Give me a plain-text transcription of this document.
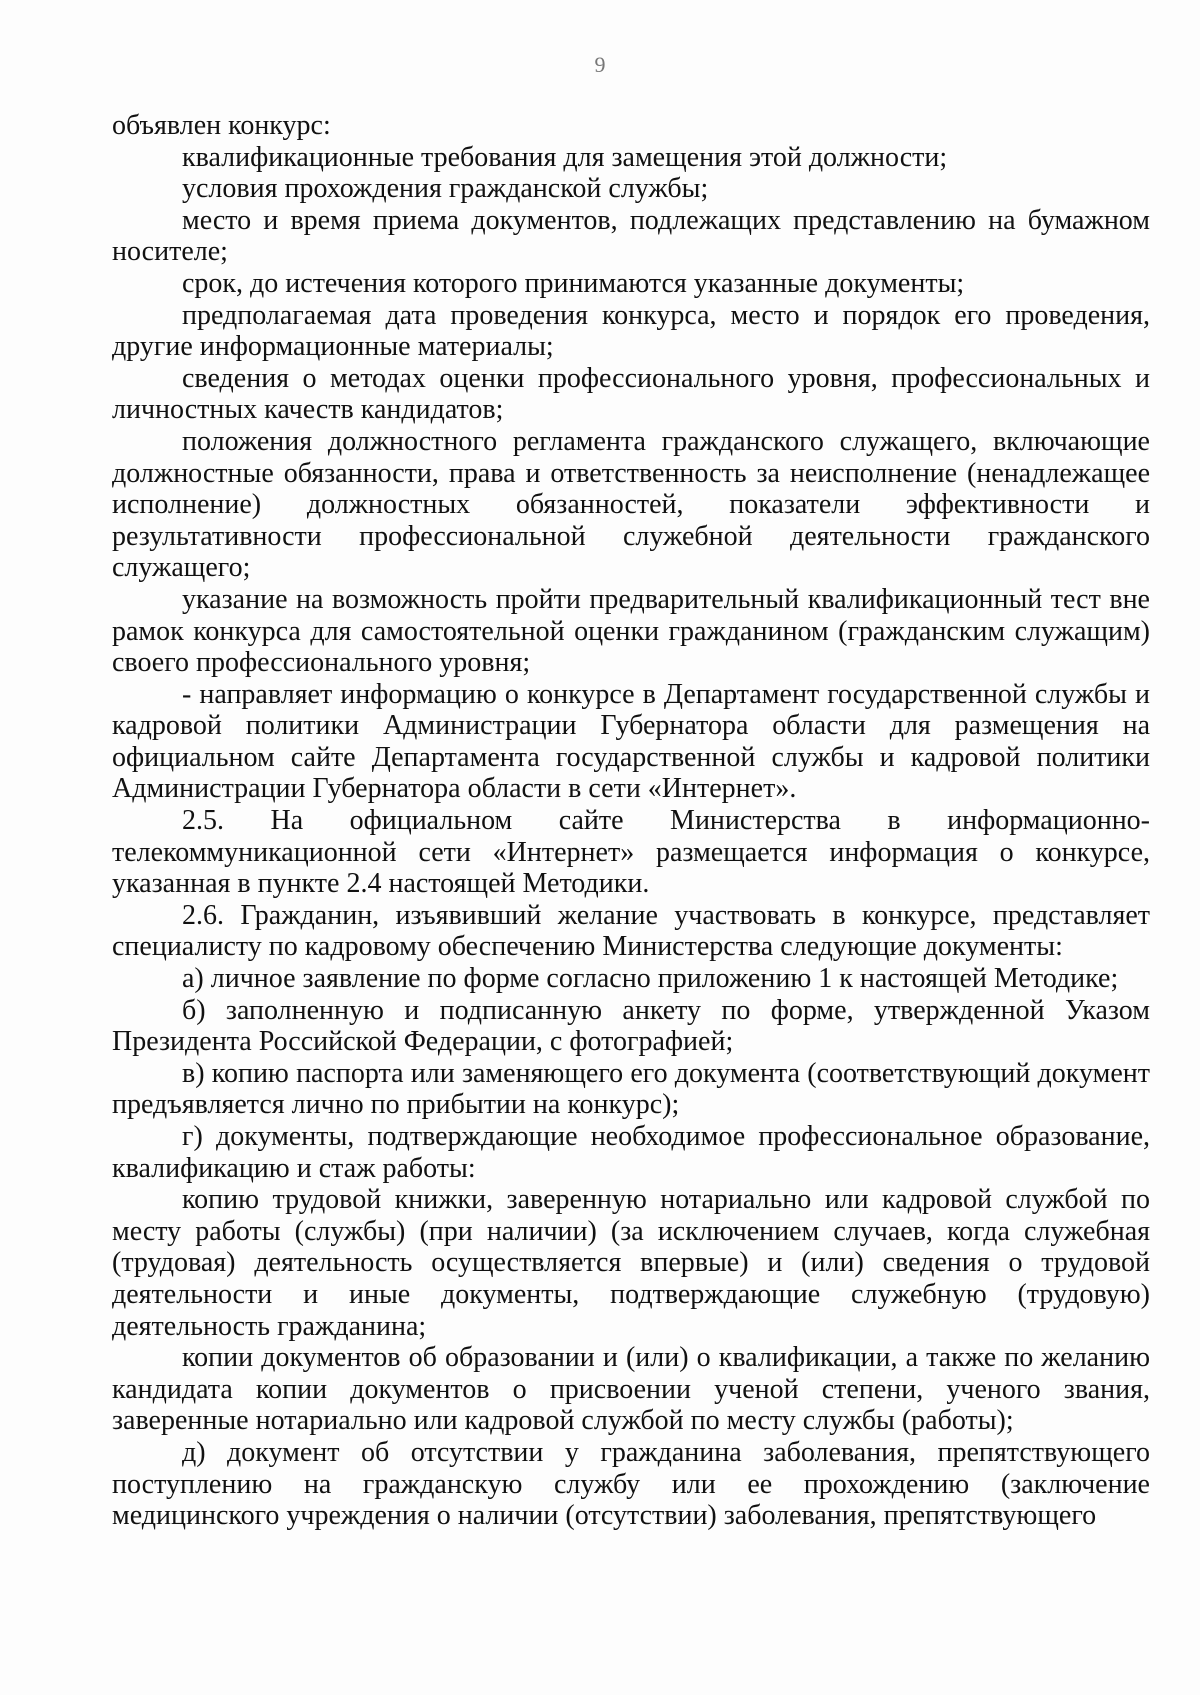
9

объявлен конкурс:

квалификационные требования для замещения этой должности;

условия прохождения гражданской службы;

место и время приема документов, подлежащих представлению на бумажном носителе;

срок, до истечения которого принимаются указанные документы;

предполагаемая дата проведения конкурса, место и порядок его проведения, другие информационные материалы;

сведения о методах оценки профессионального уровня, профессиональных и личностных качеств кандидатов;

положения должностного регламента гражданского служащего, включающие должностные обязанности, права и ответственность за неисполнение (ненадлежащее исполнение) должностных обязанностей, показатели эффективности и результативности профессиональной служебной деятельности гражданского служащего;

указание на возможность пройти предварительный квалификационный тест вне рамок конкурса для самостоятельной оценки гражданином (гражданским служащим) своего профессионального уровня;

- направляет информацию о конкурсе в Департамент государственной службы и кадровой политики Администрации Губернатора области для размещения на официальном сайте Департамента государственной службы и кадровой политики Администрации Губернатора области в сети «Интернет».

2.5. На официальном сайте Министерства в информационно-телекоммуникационной сети «Интернет» размещается информация о конкурсе, указанная в пункте 2.4 настоящей Методики.

2.6. Гражданин, изъявивший желание участвовать в конкурсе, представляет специалисту по кадровому обеспечению Министерства следующие документы:

а) личное заявление по форме согласно приложению 1 к настоящей Методике;

б) заполненную и подписанную анкету по форме, утвержденной Указом Президента Российской Федерации, с фотографией;

в) копию паспорта или заменяющего его документа (соответствующий документ предъявляется лично по прибытии на конкурс);

г) документы, подтверждающие необходимое профессиональное образование, квалификацию и стаж работы:

копию трудовой книжки, заверенную нотариально или кадровой службой по месту работы (службы) (при наличии) (за исключением случаев, когда служебная (трудовая) деятельность осуществляется впервые) и (или) сведения о трудовой деятельности и иные документы, подтверждающие служебную (трудовую) деятельность гражданина;

копии документов об образовании и (или) о квалификации, а также по желанию кандидата копии документов о присвоении ученой степени, ученого звания, заверенные нотариально или кадровой службой по месту службы (работы);

д) документ об отсутствии у гражданина заболевания, препятствующего поступлению на гражданскую службу или ее прохождению (заключение медицинского учреждения о наличии (отсутствии) заболевания, препятствующего
